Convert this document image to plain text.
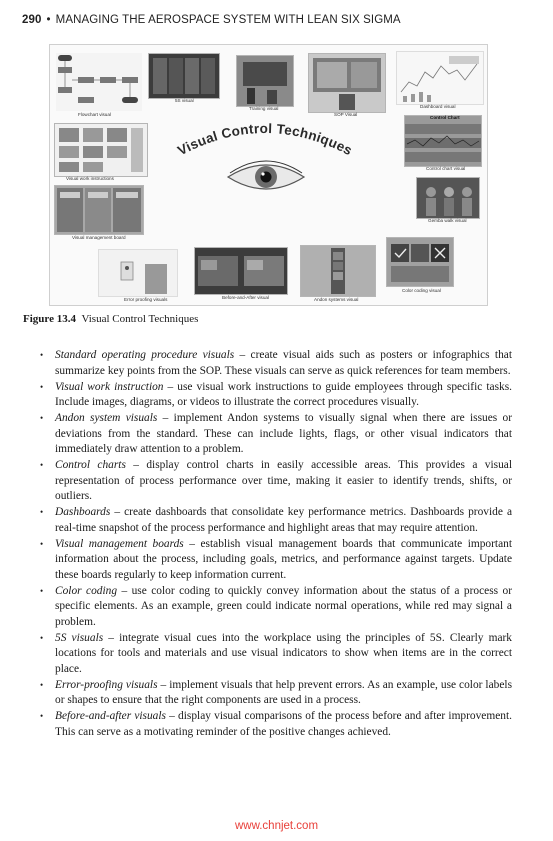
290 • MANAGING THE AEROSPACE SYSTEM WITH LEAN SIX SIGMA
Flowchart visual
5S visual
Training visual
SOP Visual
Dashboard visual
Control Chart
Control chart visual
Visual work instructions
Visual Control Techniques
Gemba walk visual
Visual management board
Error proofing visuals	Before-and-After visual	Andon systems visual
Color coding visual
Figure 13.4 Visual Control Techniques
• Standard operating procedure visuals – create visual aids such as posters or infographics that summarize key points from the SOP. These visuals can serve as quick references for team members.
• Visual work instruction – use visual work instructions to guide employees through specific tasks. Include images, diagrams, or videos to illustrate the correct procedures visually.
• Andon system visuals – implement Andon systems to visually signal when there are issues or deviations from the standard. These can include lights, flags, or other visual indicators that immediately draw attention to a problem.
• Control charts – display control charts in easily accessible areas. This provides a visual representation of process performance over time, making it easier to identify trends, shifts, or outliers.
• Dashboards – create dashboards that consolidate key performance metrics. Dashboards provide a real-time snapshot of the process performance and highlight areas that may require attention.
• Visual management boards – establish visual management boards that communicate important information about the process, including goals, metrics, and performance against targets. Update these boards regularly to keep information current.
• Color coding – use color coding to quickly convey information about the status of a process or specific elements. As an example, green could indicate normal operations, while red may signal a problem.
• 5S visuals – integrate visual cues into the workplace using the principles of 5S. Clearly mark locations for tools and materials and use visual indicators to show when items are in the correct place.
• Error-proofing visuals – implement visuals that help prevent errors. As an example, use color labels or shapes to ensure that the right components are used in a process.
• Before-and-after visuals – display visual comparisons of the process before and after improvement. This can serve as a motivating reminder of the positive changes achieved.
www.chnjet.com
